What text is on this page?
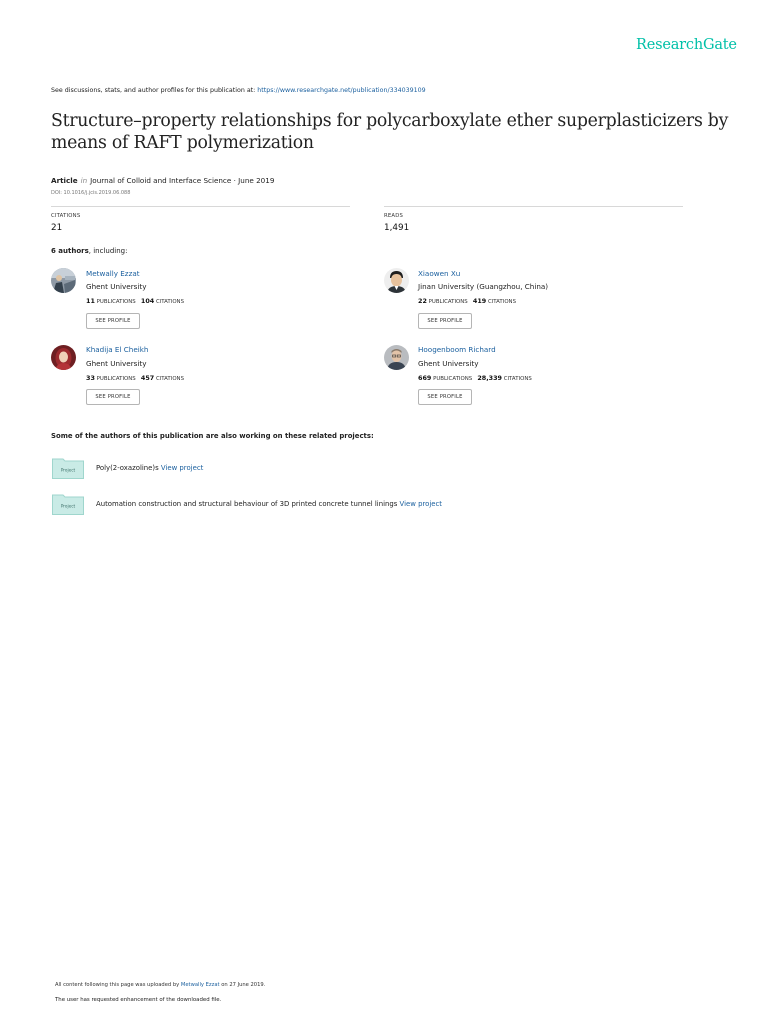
ResearchGate
See discussions, stats, and author profiles for this publication at: https://www.researchgate.net/publication/334039109
Structure–property relationships for polycarboxylate ether superplasticizers by means of RAFT polymerization
Article in Journal of Colloid and Interface Science · June 2019
DOI: 10.1016/j.jcis.2019.06.088
CITATIONS
21
READS
1,491
6 authors, including:
Metwally Ezzat
Ghent University
11 PUBLICATIONS 104 CITATIONS
SEE PROFILE
Xiaowen Xu
Jinan University (Guangzhou, China)
22 PUBLICATIONS 419 CITATIONS
SEE PROFILE
Khadija El Cheikh
Ghent University
33 PUBLICATIONS 457 CITATIONS
SEE PROFILE
Hoogenboom Richard
Ghent University
669 PUBLICATIONS 28,339 CITATIONS
SEE PROFILE
Some of the authors of this publication are also working on these related projects:
Project	Poly(2-oxazoline)s View project
Project	Automation construction and structural behaviour of 3D printed concrete tunnel linings View project
All content following this page was uploaded by Metwally Ezzat on 27 June 2019.
The user has requested enhancement of the downloaded file.
